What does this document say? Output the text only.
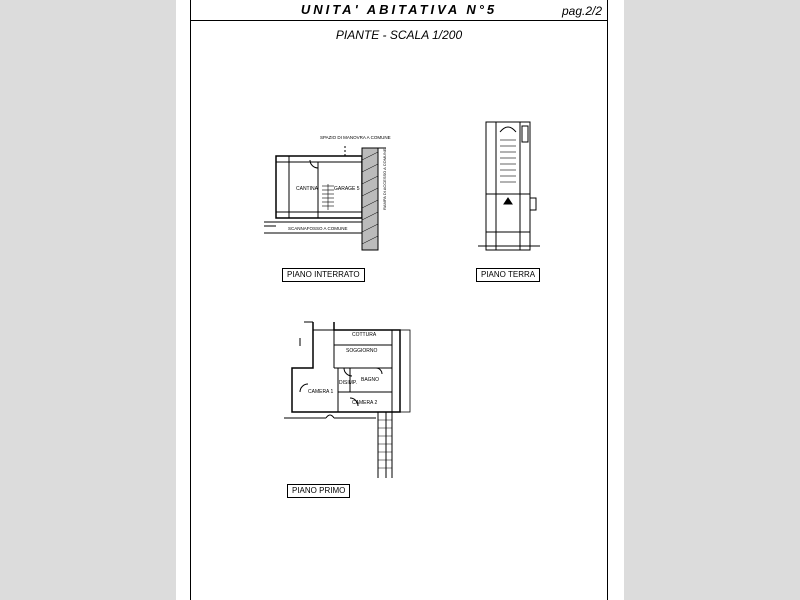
UNITA' ABITATIVA N°5	pag.2/2
PIANTE - SCALA 1/200
SPAZIO DI MANOVRA A COMUNE
CANTINA	GARAGE 5
SCANNAFOSSO A COMUNE
RAMPA DI ACCESSO A COMUNE
COTTURA
SOGGIORNO
DISIMP. BAGNO
CAMERA 1
CAMERA 2
PIANO INTERRATO	PIANO TERRA
PIANO PRIMO
